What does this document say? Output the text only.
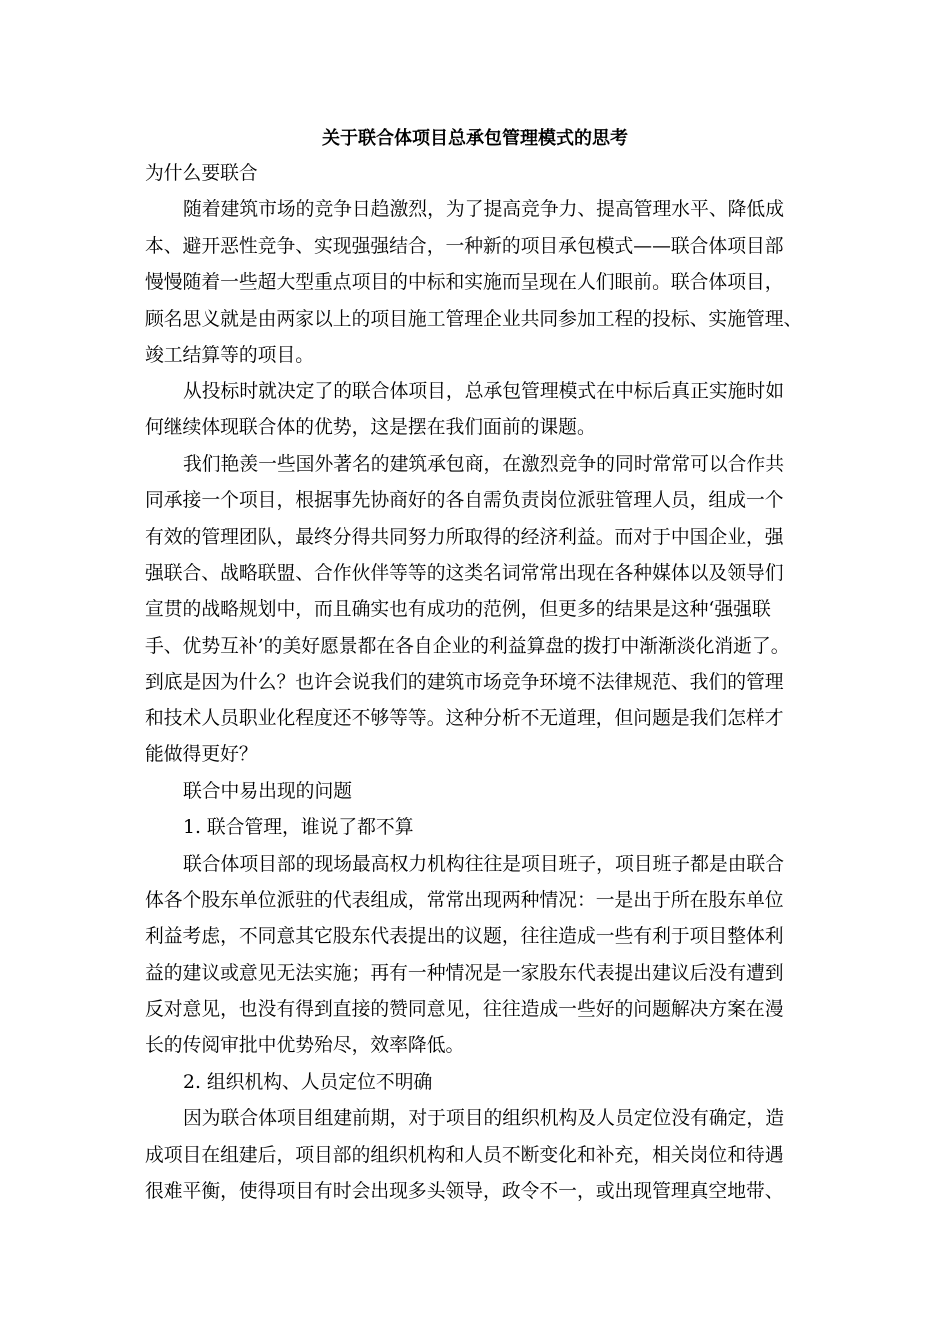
关于联合体项目总承包管理模式的思考
为什么要联合
随着建筑市场的竞争日趋激烈，为了提高竞争力、提高管理水平、降低成
本、避开恶性竞争、实现强强结合，一种新的项目承包模式——联合体项目部
慢慢随着一些超大型重点项目的中标和实施而呈现在人们眼前。联合体项目，
顾名思义就是由两家以上的项目施工管理企业共同参加工程的投标、实施管理、
竣工结算等的项目。
从投标时就决定了的联合体项目，总承包管理模式在中标后真正实施时如
何继续体现联合体的优势，这是摆在我们面前的课题。
我们艳羡一些国外著名的建筑承包商，在激烈竞争的同时常常可以合作共
同承接一个项目，根据事先协商好的各自需负责岗位派驻管理人员，组成一个
有效的管理团队，最终分得共同努力所取得的经济利益。而对于中国企业，强
强联合、战略联盟、合作伙伴等等的这类名词常常出现在各种媒体以及领导们
宣贯的战略规划中，而且确实也有成功的范例，但更多的结果是这种‘强强联
手、优势互补’的美好愿景都在各自企业的利益算盘的拨打中渐渐淡化消逝了。
到底是因为什么？也许会说我们的建筑市场竞争环境不法律规范、我们的管理
和技术人员职业化程度还不够等等。这种分析不无道理，但问题是我们怎样才
能做得更好？
联合中易出现的问题
1. 联合管理，谁说了都不算
联合体项目部的现场最高权力机构往往是项目班子，项目班子都是由联合
体各个股东单位派驻的代表组成，常常出现两种情况：一是出于所在股东单位
利益考虑，不同意其它股东代表提出的议题，往往造成一些有利于项目整体利
益的建议或意见无法实施；再有一种情况是一家股东代表提出建议后没有遭到
反对意见，也没有得到直接的赞同意见，往往造成一些好的问题解决方案在漫
长的传阅审批中优势殆尽，效率降低。
2. 组织机构、人员定位不明确
因为联合体项目组建前期，对于项目的组织机构及人员定位没有确定，造
成项目在组建后，项目部的组织机构和人员不断变化和补充，相关岗位和待遇
很难平衡，使得项目有时会出现多头领导，政令不一，或出现管理真空地带、
